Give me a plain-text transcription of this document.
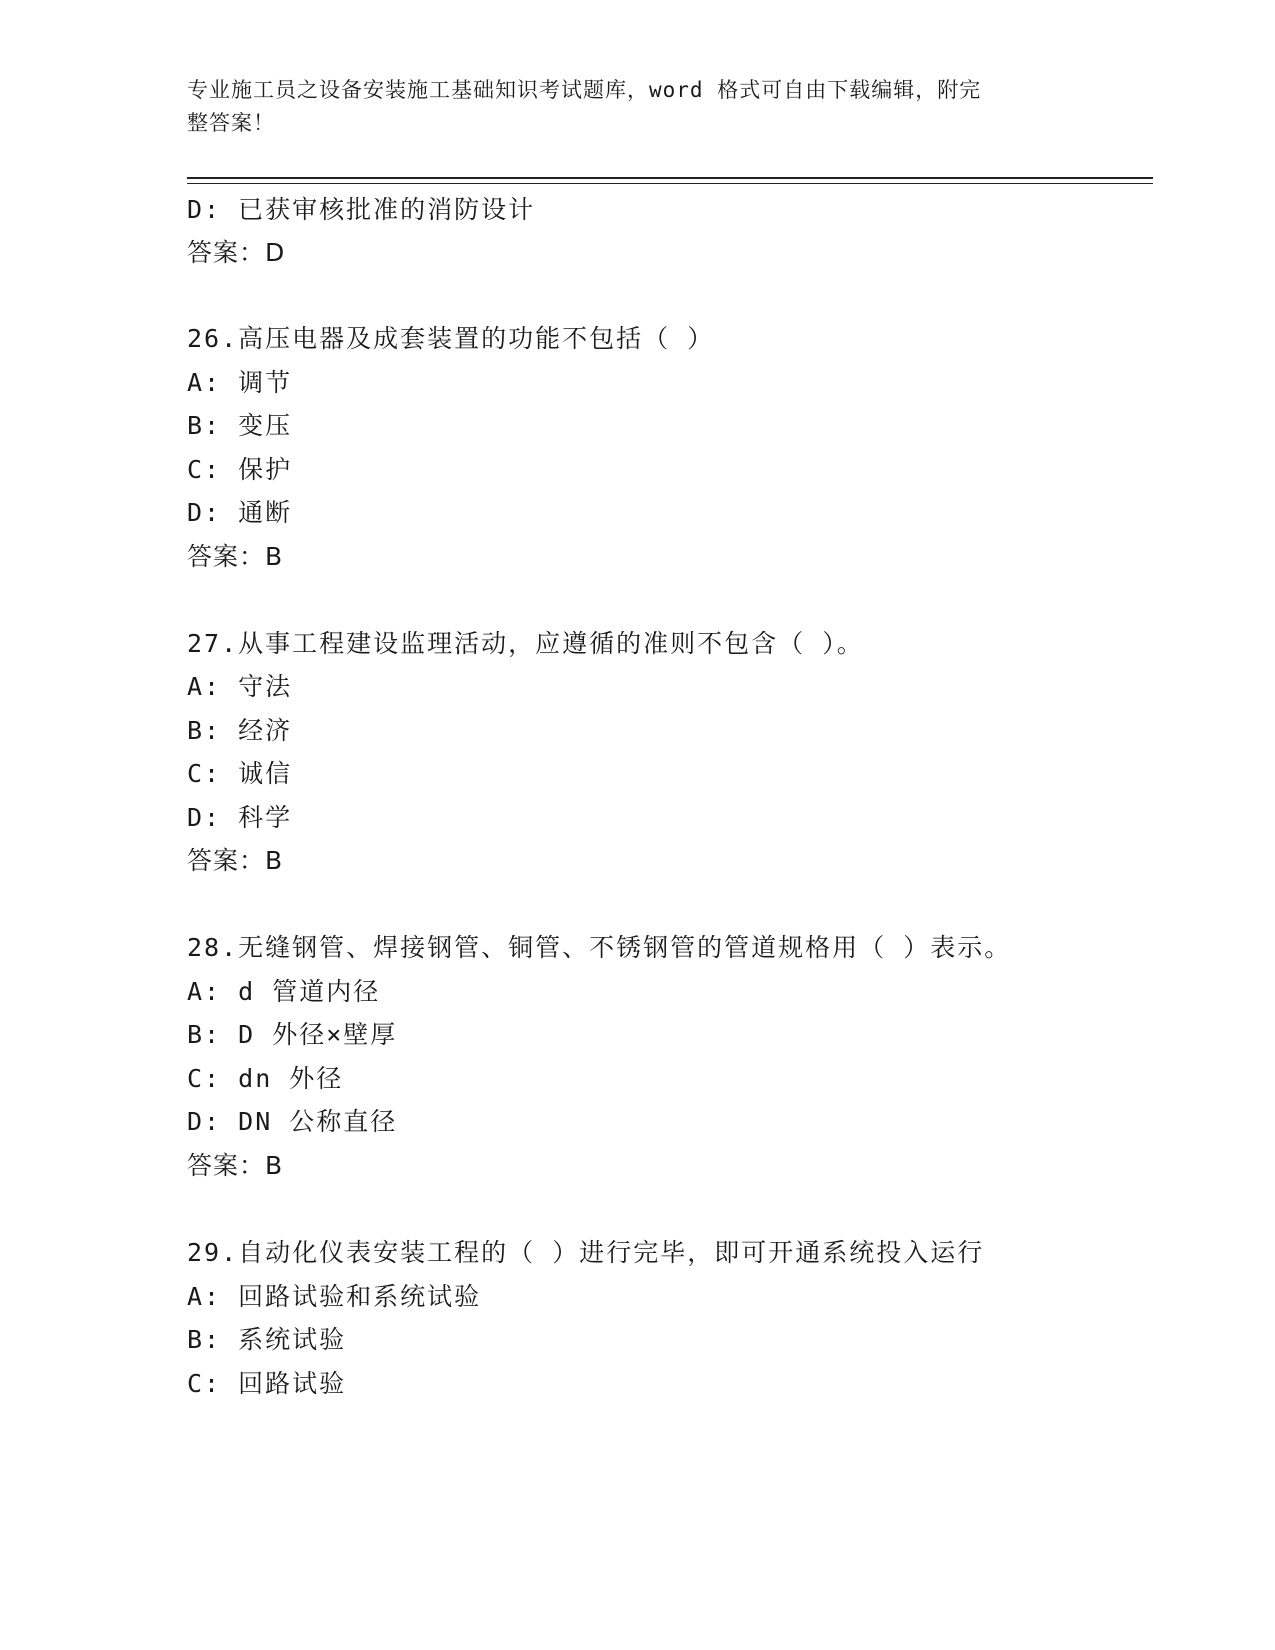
专业施工员之设备安装施工基础知识考试题库，word 格式可自由下载编辑，附完
整答案！
D: 已获审核批准的消防设计
答案：D
26.高压电器及成套装置的功能不包括（ ）
A: 调节
B: 变压
C: 保护
D: 通断
答案：B
27.从事工程建设监理活动，应遵循的准则不包含（ ）。
A: 守法
B: 经济
C: 诚信
D: 科学
答案：B
28.无缝钢管、焊接钢管、铜管、不锈钢管的管道规格用（ ）表示。
A: d 管道内径
B: D 外径×壁厚
C: dn 外径
D: DN 公称直径
答案：B
29.自动化仪表安装工程的（ ）进行完毕，即可开通系统投入运行
A: 回路试验和系统试验
B: 系统试验
C: 回路试验
